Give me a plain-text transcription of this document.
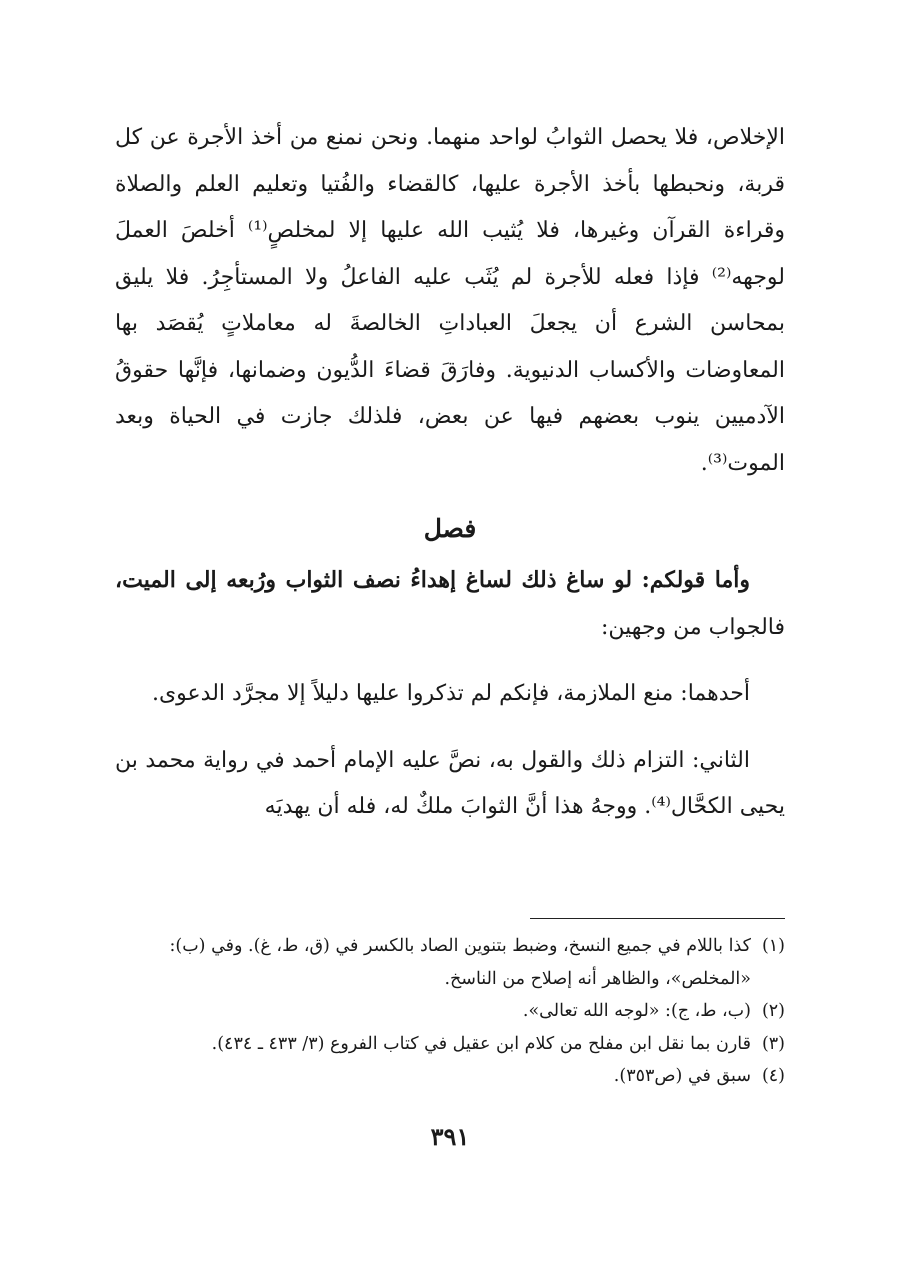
الإخلاص، فلا يحصل الثوابُ لواحد منهما. ونحن نمنع من أخذ الأجرة عن كل قربة، ونحبطها بأخذ الأجرة عليها، كالقضاء والفُتيا وتعليم العلم والصلاة وقراءة القرآن وغيرها، فلا يُثيب الله عليها إلا لمخلصٍ⁽¹⁾ أخلصَ العملَ لوجهه⁽²⁾ فإذا فعله للأجرة لم يُثَب عليه الفاعلُ ولا المستأجِرُ. فلا يليق بمحاسن الشرع أن يجعلَ العباداتِ الخالصةَ له معاملاتٍ يُقصَد بها المعاوضات والأكساب الدنيوية. وفارَقَ قضاءَ الدُّيون وضمانها، فإنَّها حقوقُ الآدميين ينوب بعضهم فيها عن بعض، فلذلك جازت في الحياة وبعد الموت⁽³⁾.

فصل

وأما قولكم: لو ساغ ذلك لساغ إهداءُ نصف الثواب ورُبعه إلى الميت، فالجواب من وجهين:

أحدهما: منع الملازمة، فإنكم لم تذكروا عليها دليلاً إلا مجرَّد الدعوى.

الثاني: التزام ذلك والقول به، نصَّ عليه الإمام أحمد في رواية محمد بن يحيى الكحَّال⁽⁴⁾. ووجهُ هذا أنَّ الثوابَ ملكٌ له، فله أن يهديَه

(١)
كذا باللام في جميع النسخ، وضبط بتنوين الصاد بالكسر في (ق، ط، غ). وفي (ب): «المخلص»، والظاهر أنه إصلاح من الناسخ.
(٢)
(ب، ط، ج): «لوجه الله تعالى».
(٣)
قارن بما نقل ابن مفلح من كلام ابن عقيل في كتاب الفروع (٣/ ٤٣٣ ـ ٤٣٤).
(٤)
سبق في (ص٣٥٣).
٣٩١
